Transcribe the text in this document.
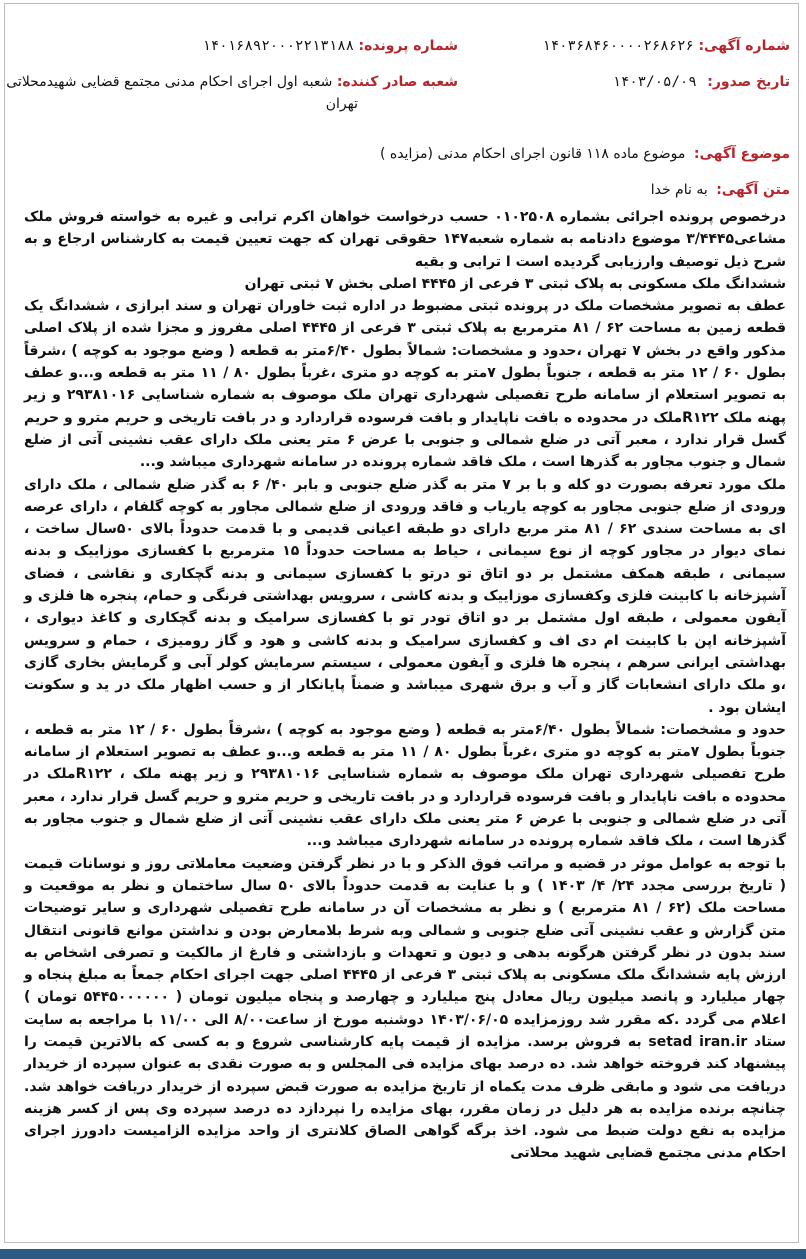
شماره آگهی: ۱۴۰۳۶۸۴۶۰۰۰۰۲۶۸۶۲۶
شماره پرونده: ۱۴۰۱۶۸۹۲۰۰۰۲۲۱۳۱۸۸
تاریخ صدور: ۱۴۰۳/۰۵/۰۹
شعبه صادر کننده: شعبه اول اجرای احکام مدنی مجتمع قضایی شهیدمحلاتی
تهران
موضوع آگهی: موضوع ماده ۱۱۸ قانون اجرای احکام مدنی (مزایده )
متن آگهی: به نام خدا

درخصوص پرونده اجرائی بشماره ۰۱۰۲۵۰۸ حسب درخواست خواهان اکرم ترابی و غیره به خواسته فروش ملک مشاعی۳/۴۴۴۵ موضوع دادنامه به شماره شعبه۱۴۷ حقوقی تهران که جهت تعیین قیمت به کارشناس ارجاع و به شرح ذیل توصیف وارزیابی گردیده است ا ترابی و بقیه

ششدانگ ملک مسکونی به پلاک ثبتی ۳ فرعی از ۴۴۴۵ اصلی بخش ۷ ثبتی تهران

عطف به تصویر مشخصات ملک در پرونده ثبتی مضبوط در اداره ثبت خاوران تهران و سند ابرازی ، ششدانگ یک قطعه زمین به مساحت ۶۲ / ۸۱ مترمربع به پلاک ثبتی ۳ فرعی از ۴۴۴۵ اصلی مفروز و مجزا شده از پلاک اصلی مذکور واقع در بخش ۷ تهران ،حدود و مشخصات: شمالاً بطول ۶/۴۰متر به قطعه ( وضع موجود به کوچه ) ،شرقاً بطول ۶۰ / ۱۲ متر به قطعه ، جنوباً بطول ۷متر به کوچه دو متری ،غرباً بطول ۸۰ / ۱۱ متر به قطعه و...و عطف به تصویر استعلام از سامانه طرح تفصیلی شهرداری تهران ملک موصوف به شماره شناسایی ۲۹۳۸۱۰۱۶ و زیر پهنه ملک R۱۲۲ملک در محدوده ه بافت ناپایدار و بافت فرسوده قراردارد و در بافت تاریخی و حریم مترو و حریم گسل قرار ندارد ، معبر آتی در ضلع شمالی و جنوبی با عرض ۶ متر یعنی ملک دارای عقب نشینی آتی از ضلع شمال و جنوب مجاور به گذرها است ، ملک فاقد شماره پرونده در سامانه شهرداری میباشد و...

ملک مورد تعرفه بصورت دو کله و با بر ۷ متر به گذر ضلع جنوبی و بابر ۴۰/ ۶ به گذر ضلع شمالی ، ملک دارای ورودی از ضلع جنوبی مجاور به کوچه یاریاب و فاقد ورودی از ضلع شمالی مجاور به کوچه گلفام ، دارای عرصه ای به مساحت سندی ۶۲ / ۸۱ متر مربع دارای دو طبقه اعیانی قدیمی و با قدمت حدوداً بالای ۵۰سال ساخت ، نمای دیوار در مجاور کوچه از نوع سیمانی ، حیاط به مساحت حدوداً ۱۵ مترمربع با کفسازی موزاییک و بدنه سیمانی ، طبقه همکف مشتمل بر دو اتاق تو درتو با کفسازی سیمانی و بدنه گچکاری و نقاشی ، فضای آشپزخانه با کابینت فلزی وکفسازی موزاییک و بدنه کاشی ، سرویس بهداشتی فرنگی و حمام، پنجره ها فلزی و آیفون معمولی ، طبقه اول مشتمل بر دو اتاق تودر تو با کفسازی سرامیک و بدنه گچکاری و کاغذ دیواری ، آشپزخانه اپن با کابینت ام دی اف و کفسازی سرامیک و بدنه کاشی و هود و گاز رومیزی ، حمام و سرویس بهداشتی ایرانی سرهم ، پنجره ها فلزی و آیفون معمولی ، سیستم سرمایش کولر آبی و گرمایش بخاری گازی ،و ملک دارای انشعابات گاز و آب و برق شهری میباشد و ضمناً پایانکار از و حسب اظهار ملک در ید و سکونت ایشان بود .

حدود و مشخصات: شمالاً بطول ۶/۴۰متر به قطعه ( وضع موجود به کوچه ) ،شرقاً بطول ۶۰ / ۱۲ متر به قطعه ، جنوباً بطول ۷متر به کوچه دو متری ،غرباً بطول ۸۰ / ۱۱ متر به قطعه و...و عطف به تصویر استعلام از سامانه طرح تفصیلی شهرداری تهران ملک موصوف به شماره شناسایی ۲۹۳۸۱۰۱۶ و زیر پهنه ملک ، R۱۲۲ملک در محدوده ه بافت ناپایدار و بافت فرسوده قراردارد و در بافت تاریخی و حریم مترو و حریم گسل قرار ندارد ، معبر آتی در ضلع شمالی و جنوبی با عرض ۶ متر یعنی ملک دارای عقب نشینی آتی از ضلع شمال و جنوب مجاور به گذرها است ، ملک فاقد شماره پرونده در سامانه شهرداری میباشد و...

با توجه به عوامل موثر در قضیه و مراتب فوق الذکر و با در نظر گرفتن وضعیت معاملاتی روز و نوسانات قیمت ( تاریخ بررسی مجدد ۲۴/ ۴/ ۱۴۰۳ ) و با عنایت به قدمت حدوداً بالای ۵۰ سال ساختمان و نظر به موقعیت و مساحت ملک (۶۲ / ۸۱ مترمربع ) و نظر به مشخصات آن در سامانه طرح تفصیلی شهرداری و سایر توضیحات متن گزارش و عقب نشینی آتی ضلع جنوبی و شمالی وبه شرط بلامعارض بودن و نداشتن موانع قانونی انتقال سند بدون در نظر گرفتن هرگونه بدهی و دیون و تعهدات و بازداشتی و فارغ از مالکیت و تصرفی اشخاص به ارزش پایه ششدانگ ملک مسکونی به پلاک ثبتی ۳ فرعی از ۴۴۴۵ اصلی جهت اجرای احکام جمعاً به مبلغ پنجاه و چهار میلیارد و پانصد میلیون ریال معادل پنج میلیارد و چهارصد و پنجاه میلیون تومان ( ۵۴۴۵۰۰۰۰۰۰ تومان ) اعلام می گردد .که مقرر شد روزمزایده ۱۴۰۳/۰۶/۰۵ دوشنبه مورخ از ساعت۸/۰۰ الی ۱۱/۰۰ با مراجعه به سایت ستاد setad iran.ir به فروش برسد. مزایده از قیمت پایه کارشناسی شروع و به کسی که بالاترین قیمت را پیشنهاد کند فروخته خواهد شد. ده درصد بهای مزایده فی المجلس و به صورت نقدی به عنوان سپرده از خریدار دریافت می شود و مابقی ظرف مدت یکماه از تاریخ مزایده به صورت قبض سپرده از خریدار دریافت خواهد شد. چنانچه برنده مزایده به هر دلیل در زمان مقرر، بهای مزایده را نپردازد ده درصد سپرده وی پس از کسر هزینه مزایده به نفع دولت ضبط می شود. اخذ برگه گواهی الصاق کلانتری از واحد مزایده الزامیست دادورز اجرای احکام مدنی مجتمع قضایی شهید محلاتی
